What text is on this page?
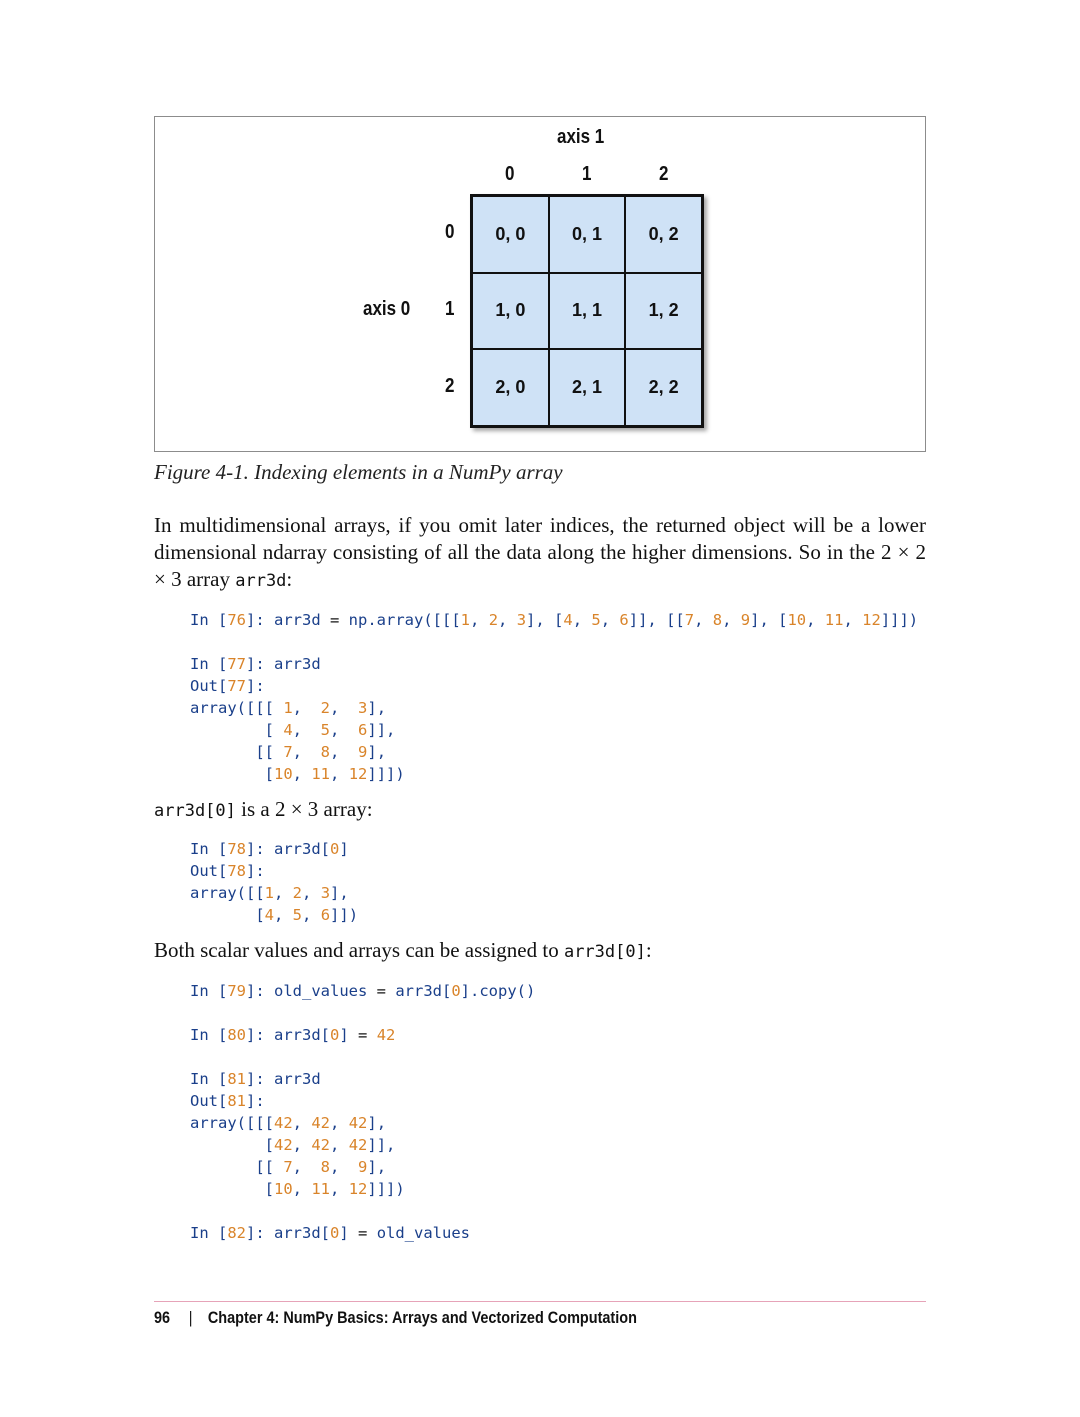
axis 1
0	1	2
axis 0
0
1
2
0, 0	0, 1	0, 2
1, 0	1, 1	1, 2
2, 0	2, 1	2, 2
Figure 4-1. Indexing elements in a NumPy array
In multidimensional arrays, if you omit later indices, the returned object will be a lower dimensional ndarray consisting of all the data along the higher dimensions. So in the 2 × 2 × 3 array arr3d:
In [76]: arr3d = np.array([[[1, 2, 3], [4, 5, 6]], [[7, 8, 9], [10, 11, 12]]])

In [77]: arr3d
Out[77]:
array([[[ 1,  2,  3],
[ 4,  5,  6]],
[[ 7,  8,  9],
[10, 11, 12]]])
arr3d[0] is a 2 × 3 array:
In [78]: arr3d[0]
Out[78]:
array([[1, 2, 3],
[4, 5, 6]])
Both scalar values and arrays can be assigned to arr3d[0]:
In [79]: old_values = arr3d[0].copy()

In [80]: arr3d[0] = 42

In [81]: arr3d
Out[81]:
array([[[42, 42, 42],
[42, 42, 42]],
[[ 7,  8,  9],
[10, 11, 12]]])

In [82]: arr3d[0] = old_values
96 | Chapter 4: NumPy Basics: Arrays and Vectorized Computation
